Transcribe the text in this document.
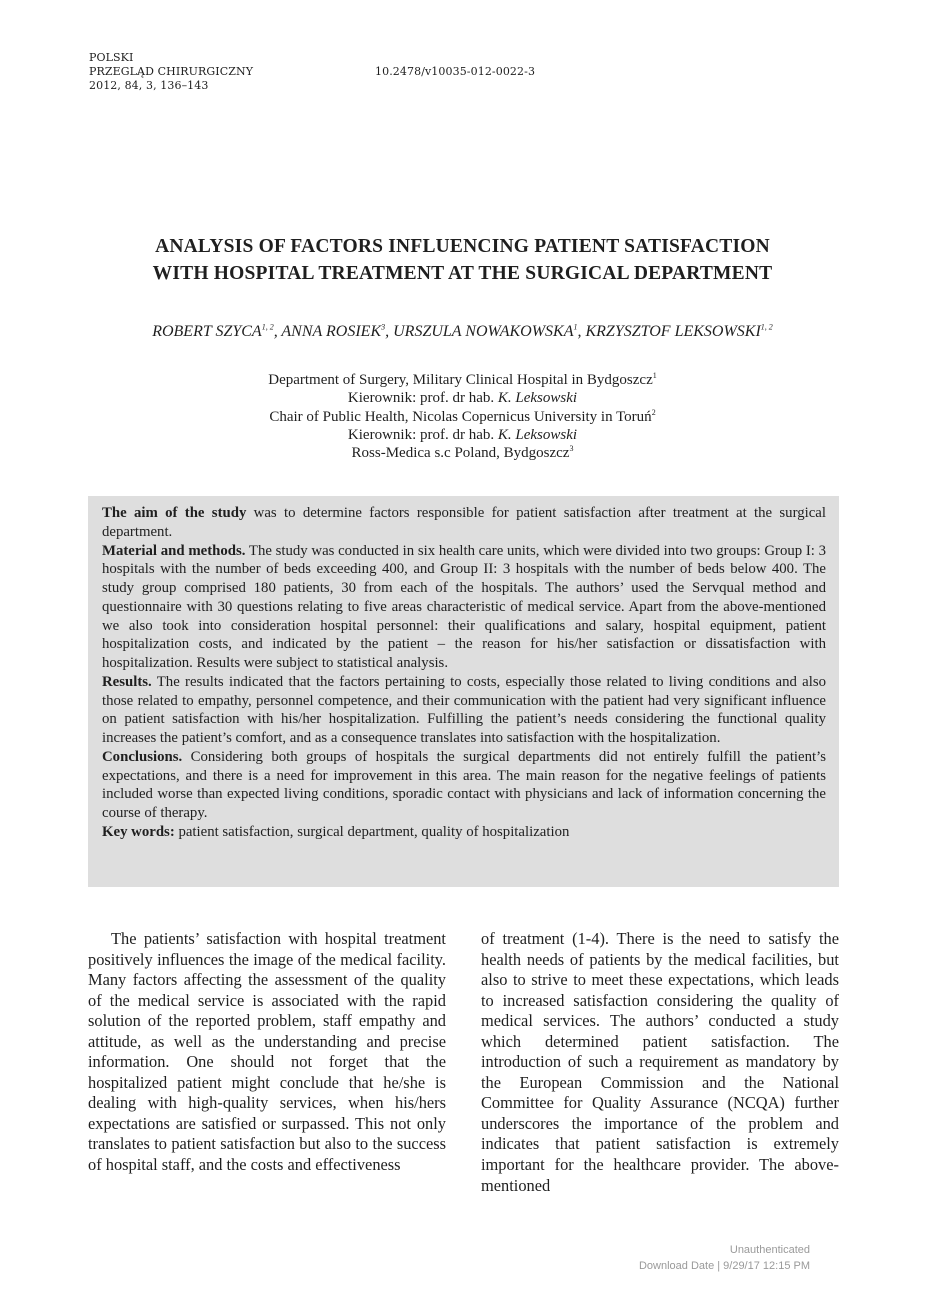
POLSKI
PRZEGLĄD CHIRURGICZNY
2012, 84, 3, 136–143
10.2478/v10035-012-0022-3
ANALYSIS OF FACTORS INFLUENCING PATIENT SATISFACTION
WITH HOSPITAL TREATMENT AT THE SURGICAL DEPARTMENT
ROBERT SZYCA$^{1, 2}$, ANNA ROSIEK$^3$, URSZULA NOWAKOWSKA$^1$, KRZYSZTOF LEKSOWSKI$^{1, 2}$
Department of Surgery, Military Clinical Hospital in Bydgoszcz$^1$
Kierownik: prof. dr hab. K. Leksowski
Chair of Public Health, Nicolas Copernicus University in Toruń$^2$
Kierownik: prof. dr hab. K. Leksowski
Ross-Medica s.c Poland, Bydgoszcz$^3$

The aim of the study was to determine factors responsible for patient satisfaction after treatment at the surgical department.

Material and methods. The study was conducted in six health care units, which were divided into two groups: Group I: 3 hospitals with the number of beds exceeding 400, and Group II: 3 hospitals with the number of beds below 400. The study group comprised 180 patients, 30 from each of the hospitals. The authors’ used the Servqual method and questionnaire with 30 questions relating to five areas characteristic of medical service. Apart from the above-mentioned we also took into consideration hospital personnel: their qualifications and salary, hospital equipment, patient hospitalization costs, and indicated by the patient – the reason for his/her satisfaction or dissatisfaction with hospitalization. Results were subject to statistical analysis.

Results. The results indicated that the factors pertaining to costs, especially those related to living conditions and also those related to empathy, personnel competence, and their communication with the patient had very significant influence on patient satisfaction with his/her hospitalization. Fulfilling the patient’s needs considering the functional quality increases the patient’s comfort, and as a consequence translates into satisfaction with the hospitalization.

Conclusions. Considering both groups of hospitals the surgical departments did not entirely fulfill the patient’s expectations, and there is a need for improvement in this area. The main reason for the negative feelings of patients included worse than expected living conditions, sporadic contact with physicians and lack of information concerning the course of therapy.

Key words: patient satisfaction, surgical department, quality of hospitalization

The patients’ satisfaction with hospital treatment positively influences the image of the medical facility. Many factors affecting the assessment of the quality of the medical service is associated with the rapid solution of the reported problem, staff empathy and attitude, as well as the understanding and precise information. One should not forget that the hospitalized patient might conclude that he/she is dealing with high-quality services, when his/hers expectations are satisfied or surpassed. This not only translates to patient satisfaction but also to the success of hospital staff, and the costs and effectiveness
of treatment (1-4). There is the need to satisfy the health needs of patients by the medical facilities, but also to strive to meet these expectations, which leads to increased satisfaction considering the quality of medical services. The authors’ conducted a study which determined patient satisfaction. The introduction of such a requirement as mandatory by the European Commission and the National Committee for Quality Assurance (NCQA) further underscores the importance of the problem and indicates that patient satisfaction is extremely important for the healthcare provider. The above-mentioned
Unauthenticated
Download Date | 9/29/17 12:15 PM
